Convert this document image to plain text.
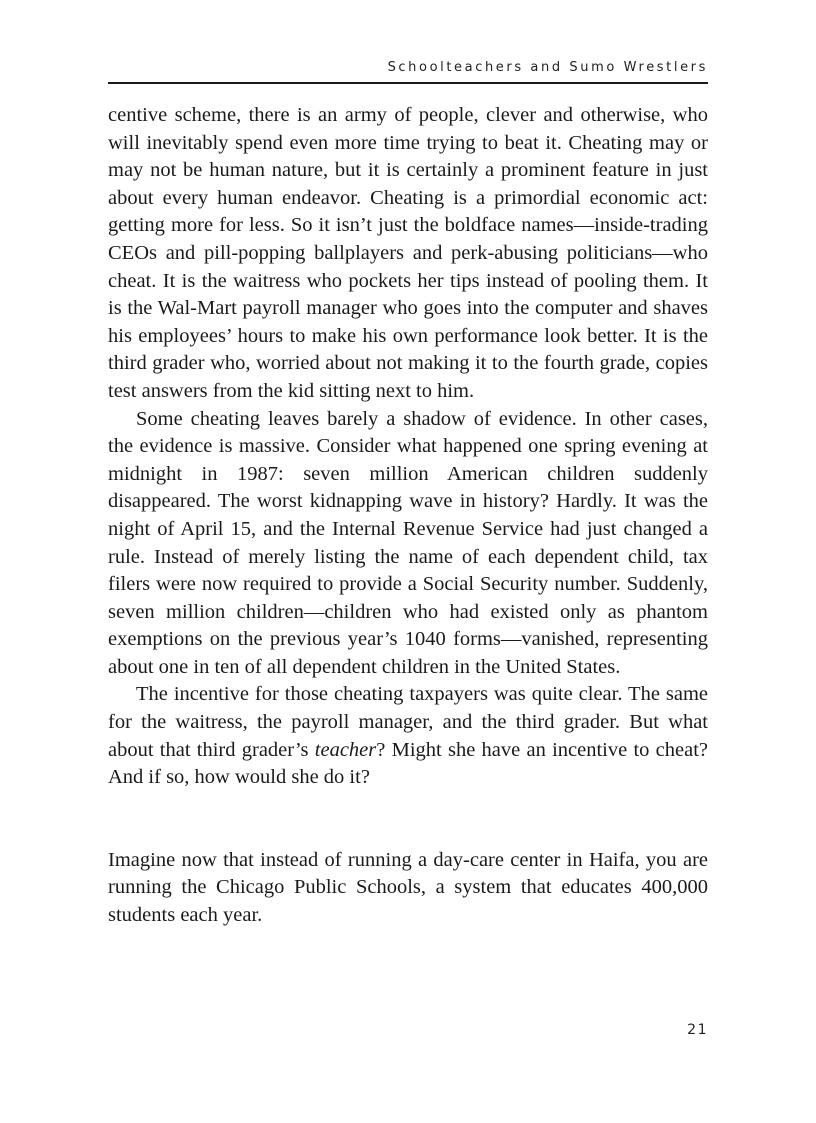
Schoolteachers and Sumo Wrestlers

centive scheme, there is an army of people, clever and otherwise, who will inevitably spend even more time trying to beat it. Cheating may or may not be human nature, but it is certainly a prominent feature in just about every human endeavor. Cheating is a primordial economic act: getting more for less. So it isn’t just the boldface names—inside-trading CEOs and pill-popping ballplayers and perk-abusing politicians—who cheat. It is the waitress who pockets her tips instead of pooling them. It is the Wal-Mart payroll manager who goes into the computer and shaves his employees’ hours to make his own performance look better. It is the third grader who, worried about not making it to the fourth grade, copies test answers from the kid sitting next to him.

Some cheating leaves barely a shadow of evidence. In other cases, the evidence is massive. Consider what happened one spring evening at midnight in 1987: seven million American children suddenly disappeared. The worst kidnapping wave in history? Hardly. It was the night of April 15, and the Internal Revenue Service had just changed a rule. Instead of merely listing the name of each dependent child, tax filers were now required to provide a Social Security number. Suddenly, seven million children—children who had existed only as phantom exemptions on the previous year’s 1040 forms—vanished, representing about one in ten of all dependent children in the United States.

The incentive for those cheating taxpayers was quite clear. The same for the waitress, the payroll manager, and the third grader. But what about that third grader’s teacher? Might she have an incentive to cheat? And if so, how would she do it?

Imagine now that instead of running a day-care center in Haifa, you are running the Chicago Public Schools, a system that educates 400,000 students each year.

21
